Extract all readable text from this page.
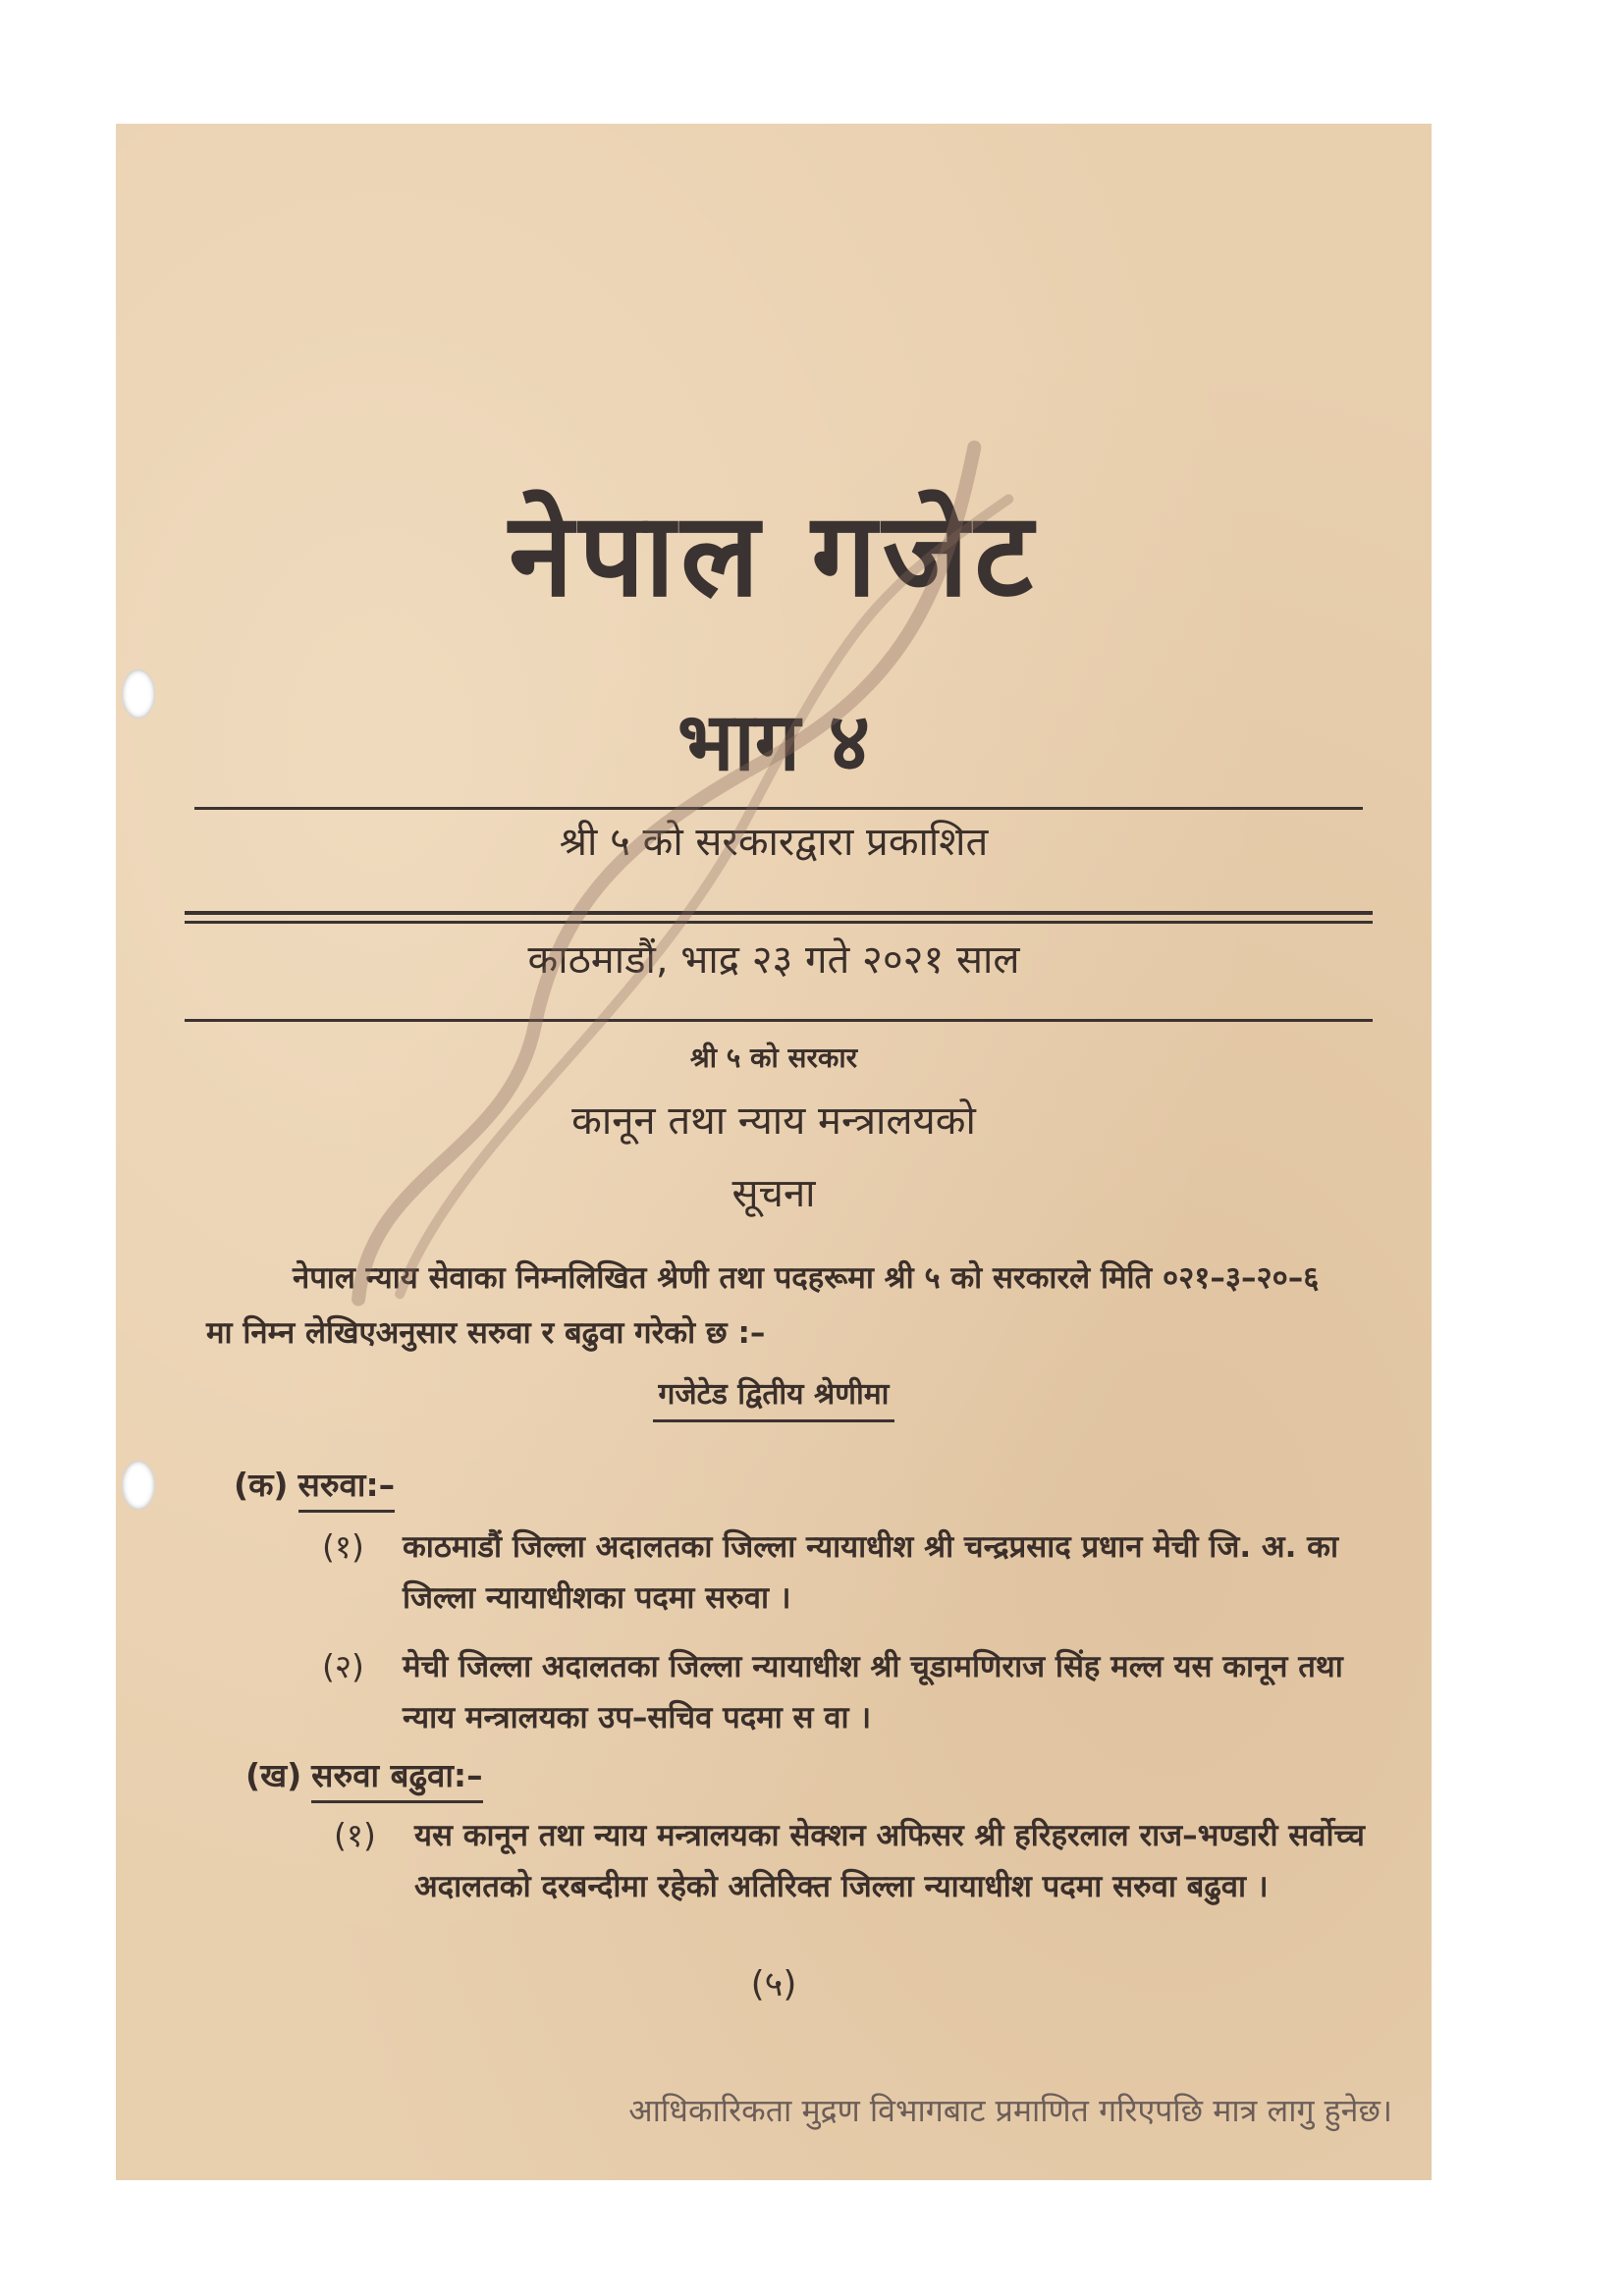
नेपाल गजेट
भाग ४
श्री ५ को सरकारद्वारा प्रकाशित
काठमाडौं, भाद्र २३ गते २०२१ साल
श्री ५ को सरकार
कानून तथा न्याय मन्त्रालयको
सूचना
नेपाल न्याय सेवाका निम्नलिखित श्रेणी तथा पदहरूमा श्री ५ को सरकारले मिति ०२१–३–२०–६ मा निम्न लेखिएअनुसार सरुवा र बढुवा गरेको छ :–
गजेटेड द्वितीय श्रेणीमा
(क) सरुवा:–
(१) काठमाडौं जिल्ला अदालतका जिल्ला न्यायाधीश श्री चन्द्रप्रसाद प्रधान मेची जि. अ. का जिल्ला न्यायाधीशका पदमा सरुवा ।
(२) मेची जिल्ला अदालतका जिल्ला न्यायाधीश श्री चूडामणिराज सिंह मल्ल यस कानून तथा न्याय मन्त्रालयका उप–सचिव पदमा स वा ।
(ख) सरुवा बढुवा:–
(१) यस कानून तथा न्याय मन्त्रालयका सेक्शन अफिसर श्री हरिहरलाल राज–भण्डारी सर्वोच्च अदालतको दरबन्दीमा रहेको अतिरिक्त जिल्ला न्यायाधीश पदमा सरुवा बढुवा ।
(५)
आधिकारिकता मुद्रण विभागबाट प्रमाणित गरिएपछि मात्र लागु हुनेछ।
